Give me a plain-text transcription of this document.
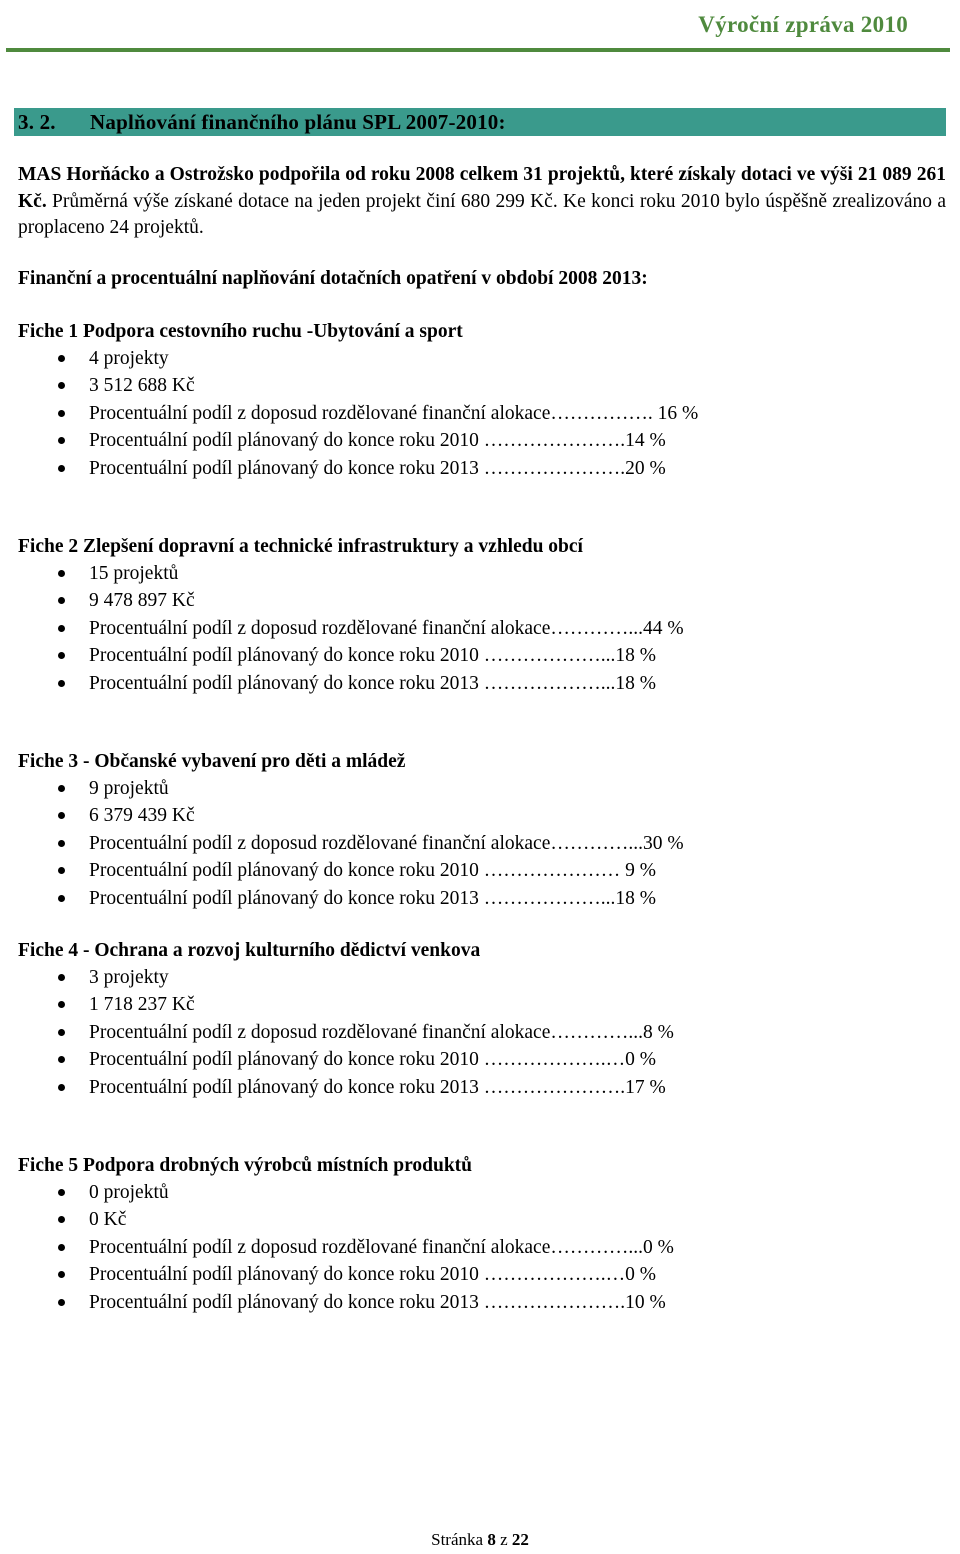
Výroční zpráva 2010
3. 2. Naplňování finančního plánu SPL 2007-2010:
MAS Horňácko a Ostrožsko podpořila od roku 2008 celkem 31 projektů, které získaly dotaci ve výši 21 089 261 Kč. Průměrná výše získané dotace na jeden projekt činí 680 299 Kč. Ke konci roku 2010 bylo úspěšně zrealizováno a proplaceno 24 projektů.
Finanční a procentuální naplňování dotačních opatření v období 2008 2013:
Fiche 1 Podpora cestovního ruchu -Ubytování a sport
4 projekty
3 512 688 Kč
Procentuální podíl z doposud rozdělované finanční alokace……………. 16 %
Procentuální podíl plánovaný do konce roku 2010 ………………….14 %
Procentuální podíl plánovaný do konce roku 2013 ………………….20 %
Fiche 2 Zlepšení dopravní a technické infrastruktury a vzhledu obcí
15 projektů
9 478 897 Kč
Procentuální podíl z doposud rozdělované finanční alokace…………...44 %
Procentuální podíl plánovaný do konce roku 2010 ………………...18 %
Procentuální podíl plánovaný do konce roku 2013 ………………...18 %
Fiche 3 - Občanské vybavení pro děti a mládež
9 projektů
6 379 439 Kč
Procentuální podíl z doposud rozdělované finanční alokace…………...30 %
Procentuální podíl plánovaný do konce roku 2010 ………………… 9 %
Procentuální podíl plánovaný do konce roku 2013 ………………...18 %
Fiche 4 - Ochrana a rozvoj kulturního dědictví venkova
3 projekty
1 718 237 Kč
Procentuální podíl z doposud rozdělované finanční alokace…………...8 %
Procentuální podíl plánovaný do konce roku 2010 ……………….…0 %
Procentuální podíl plánovaný do konce roku 2013 ………………….17 %
Fiche 5 Podpora drobných výrobců místních produktů
0 projektů
0 Kč
Procentuální podíl z doposud rozdělované finanční alokace…………...0 %
Procentuální podíl plánovaný do konce roku 2010 ……………….…0 %
Procentuální podíl plánovaný do konce roku 2013 ………………….10 %
Stránka 8 z 22
